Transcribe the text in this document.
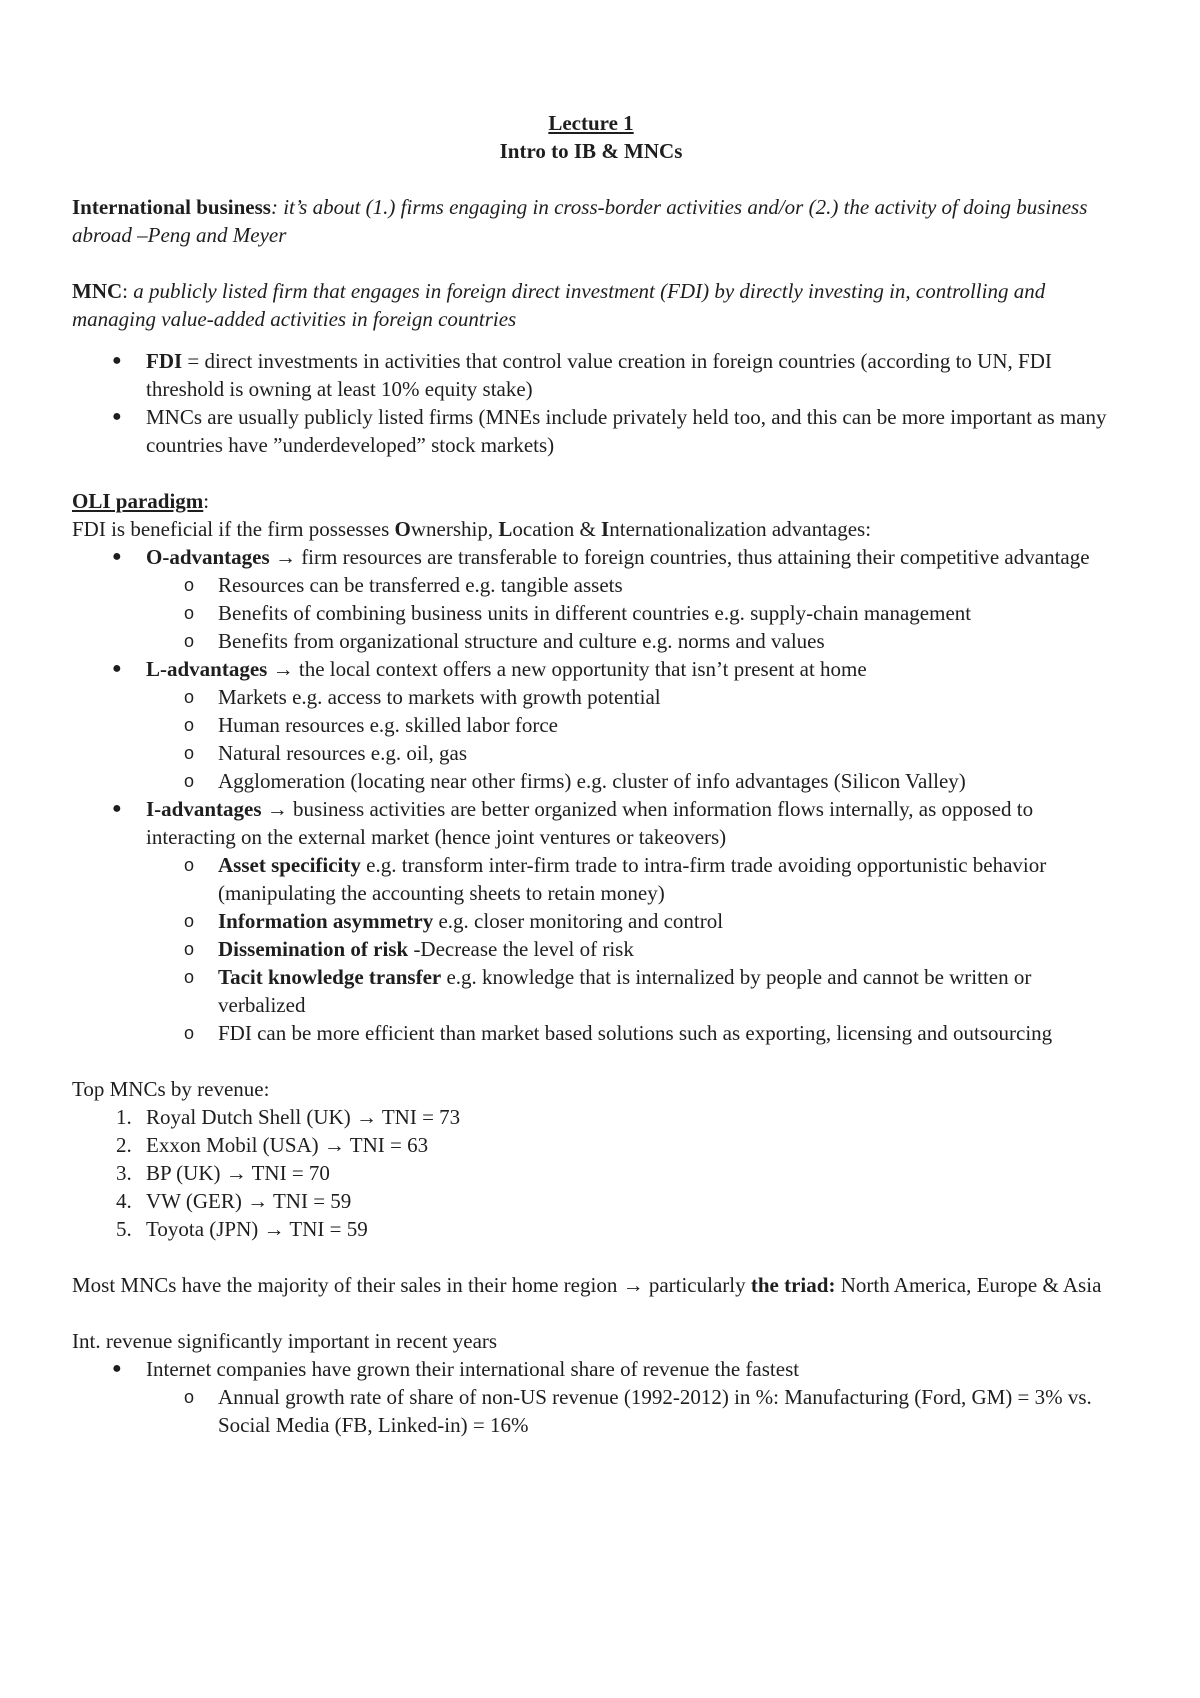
Lecture 1

Intro to IB & MNCs

International business: it’s about (1.) firms engaging in cross-border activities and/or (2.) the activity of doing business abroad –Peng and Meyer

MNC: a publicly listed firm that engages in foreign direct investment (FDI) by directly investing in, controlling and managing value-added activities in foreign countries

●	FDI = direct investments in activities that control value creation in foreign countries (according to UN, FDI threshold is owning at least 10% equity stake)
●	MNCs are usually publicly listed firms (MNEs include privately held too, and this can be more important as many countries have ”underdeveloped” stock markets)

OLI paradigm:

FDI is beneficial if the firm possesses Ownership, Location & Internationalization advantages:

●	O-advantages → firm resources are transferable to foreign countries, thus attaining their competitive advantage
o	Resources can be transferred e.g. tangible assets
o	Benefits of combining business units in different countries e.g. supply-chain management
o	Benefits from organizational structure and culture e.g. norms and values
●	L-advantages → the local context offers a new opportunity that isn’t present at home
o	Markets e.g. access to markets with growth potential
o	Human resources e.g. skilled labor force
o	Natural resources e.g. oil, gas
o	Agglomeration (locating near other firms) e.g. cluster of info advantages (Silicon Valley)
●	I-advantages → business activities are better organized when information flows internally, as opposed to interacting on the external market (hence joint ventures or takeovers)
o	Asset specificity e.g. transform inter-firm trade to intra-firm trade avoiding opportunistic behavior (manipulating the accounting sheets to retain money)
o	Information asymmetry e.g. closer monitoring and control
o	Dissemination of risk -Decrease the level of risk
o	Tacit knowledge transfer e.g. knowledge that is internalized by people and cannot be written or verbalized
o	FDI can be more efficient than market based solutions such as exporting, licensing and outsourcing

Top MNCs by revenue:

1. Royal Dutch Shell (UK) → TNI = 73
2. Exxon Mobil (USA) → TNI = 63
3. BP (UK) → TNI = 70
4. VW (GER) → TNI = 59
5. Toyota (JPN) → TNI = 59

Most MNCs have the majority of their sales in their home region → particularly the triad: North America, Europe & Asia

Int. revenue significantly important in recent years

●	Internet companies have grown their international share of revenue the fastest
o	Annual growth rate of share of non-US revenue (1992-2012) in %: Manufacturing (Ford, GM) = 3% vs. Social Media (FB, Linked-in) = 16%
